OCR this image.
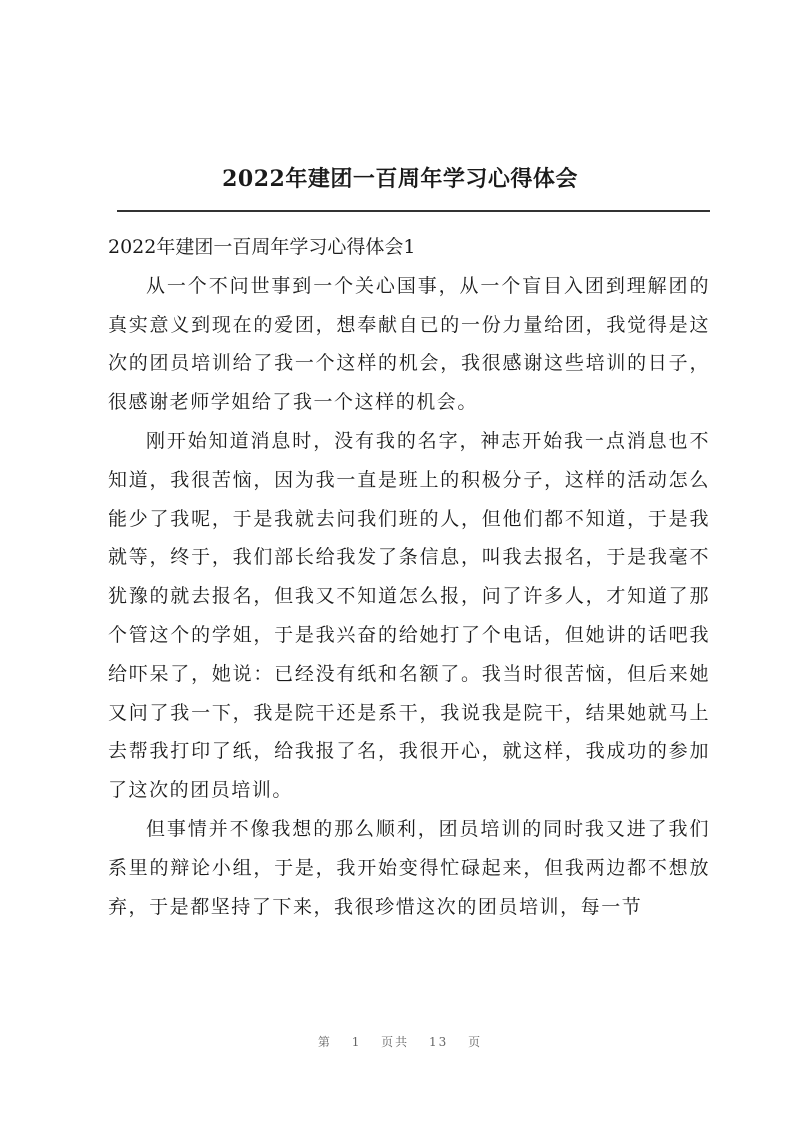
2022年建团一百周年学习心得体会
2022年建团一百周年学习心得体会1

从一个不问世事到一个关心国事，从一个盲目入团到理解团的真实意义到现在的爱团，想奉献自已的一份力量给团，我觉得是这次的团员培训给了我一个这样的机会，我很感谢这些培训的日子，很感谢老师学姐给了我一个这样的机会。

刚开始知道消息时，没有我的名字，神志开始我一点消息也不知道，我很苦恼，因为我一直是班上的积极分子，这样的活动怎么能少了我呢，于是我就去问我们班的人，但他们都不知道，于是我就等，终于，我们部长给我发了条信息，叫我去报名，于是我毫不犹豫的就去报名，但我又不知道怎么报，问了许多人，才知道了那个管这个的学姐，于是我兴奋的给她打了个电话，但她讲的话吧我给吓呆了，她说：已经没有纸和名额了。我当时很苦恼，但后来她又问了我一下，我是院干还是系干，我说我是院干，结果她就马上去帮我打印了纸，给我报了名，我很开心，就这样，我成功的参加了这次的团员培训。

但事情并不像我想的那么顺利，团员培训的同时我又进了我们系里的辩论小组，于是，我开始变得忙碌起来，但我两边都不想放弃，于是都坚持了下来，我很珍惜这次的团员培训，每一节

第 1 页共 13 页
